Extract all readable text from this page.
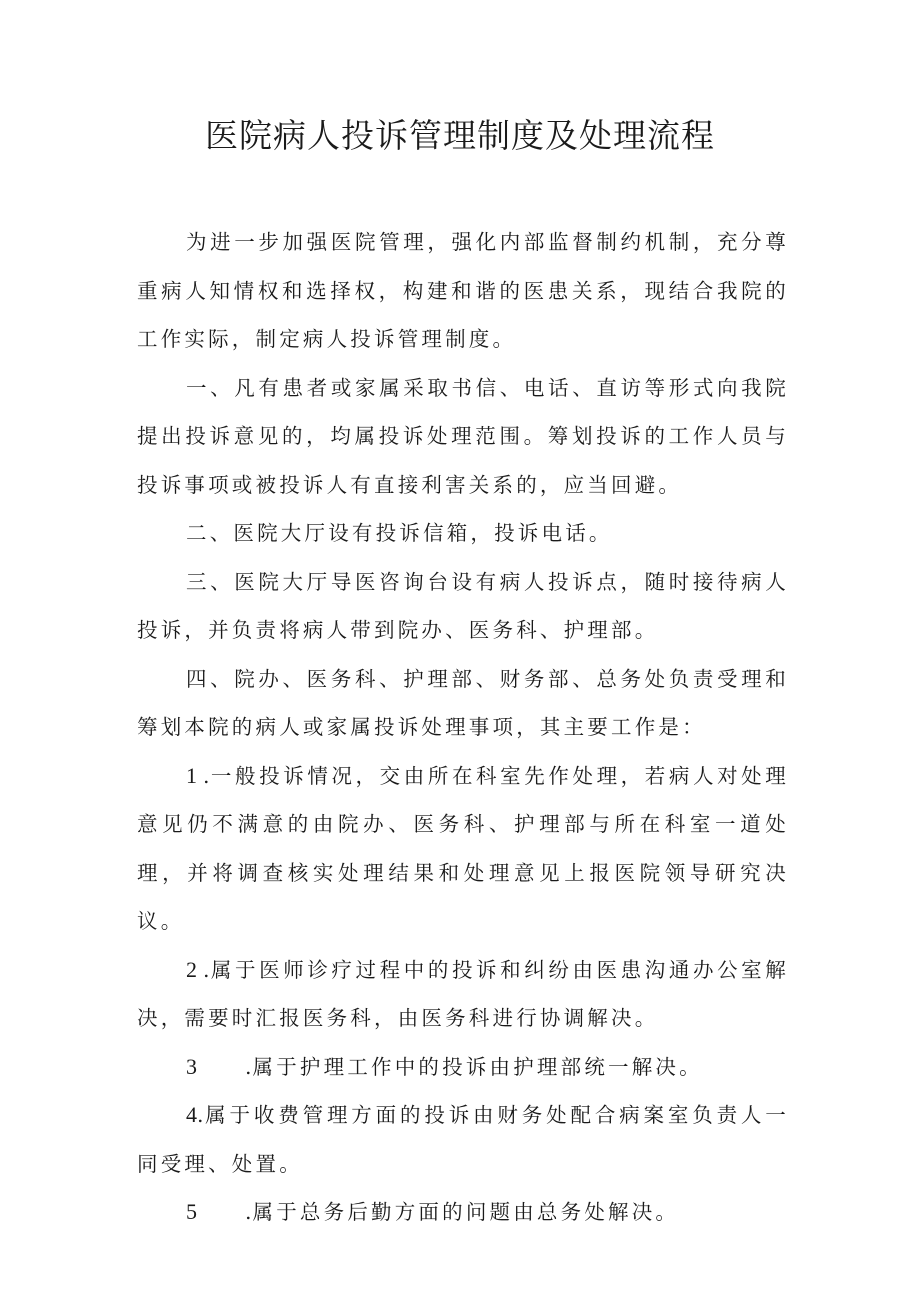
医院病人投诉管理制度及处理流程

为进一步加强医院管理，强化内部监督制约机制，充分尊重病人知情权和选择权，构建和谐的医患关系，现结合我院的工作实际，制定病人投诉管理制度。

一、凡有患者或家属采取书信、电话、直访等形式向我院提出投诉意见的，均属投诉处理范围。筹划投诉的工作人员与投诉事项或被投诉人有直接利害关系的，应当回避。

二、医院大厅设有投诉信箱，投诉电话。

三、医院大厅导医咨询台设有病人投诉点，随时接待病人投诉，并负责将病人带到院办、医务科、护理部。

四、院办、医务科、护理部、财务部、总务处负责受理和筹划本院的病人或家属投诉处理事项，其主要工作是：

1 .一般投诉情况，交由所在科室先作处理，若病人对处理意见仍不满意的由院办、医务科、护理部与所在科室一道处理，并将调查核实处理结果和处理意见上报医院领导研究决议。

2 .属于医师诊疗过程中的投诉和纠纷由医患沟通办公室解决，需要时汇报医务科，由医务科进行协调解决。

3 .属于护理工作中的投诉由护理部统一解决。

4.属于收费管理方面的投诉由财务处配合病案室负责人一同受理、处置。

5 .属于总务后勤方面的问题由总务处解决。
